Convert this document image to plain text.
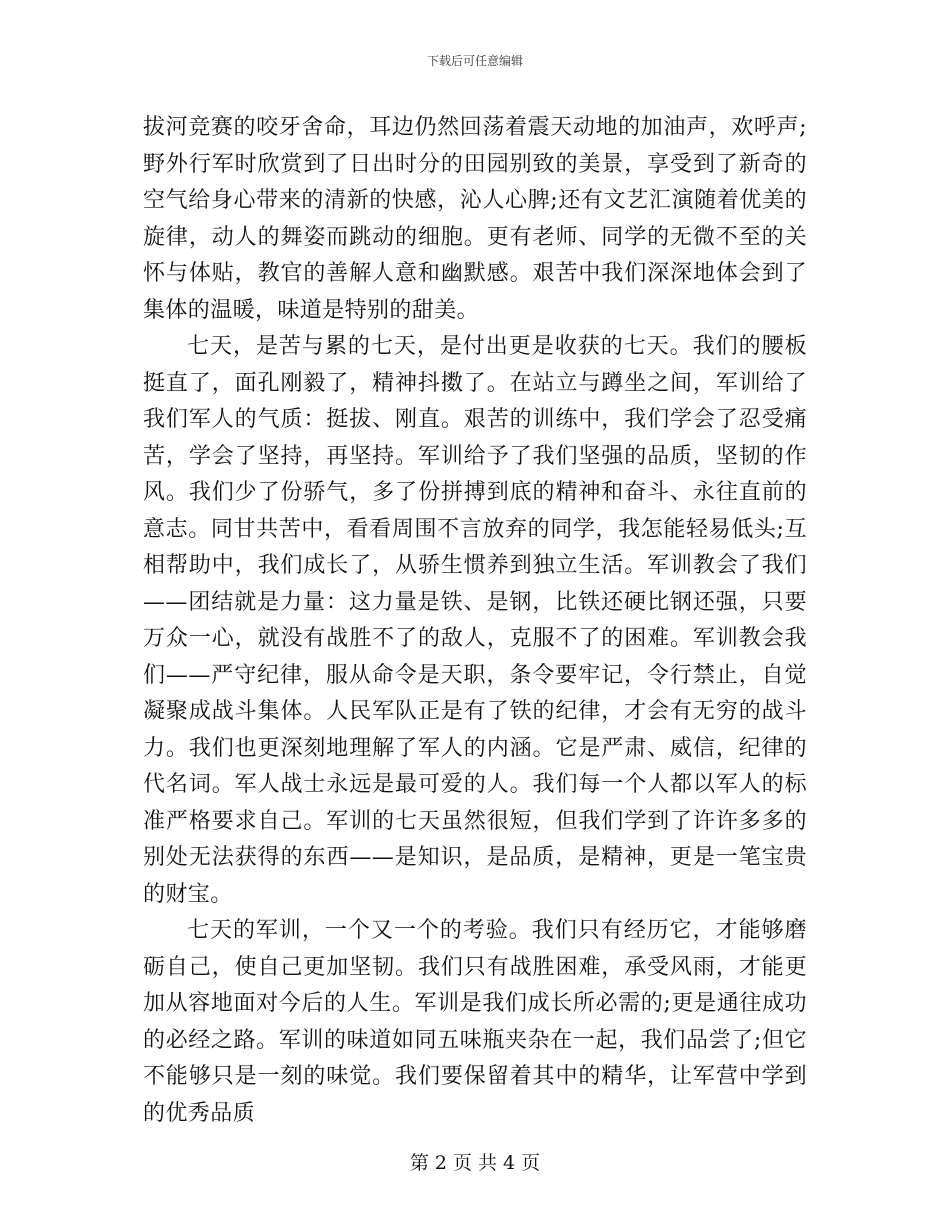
下载后可任意编辑

拔河竞赛的咬牙舍命，耳边仍然回荡着震天动地的加油声，欢呼声;野外行军时欣赏到了日出时分的田园别致的美景，享受到了新奇的空气给身心带来的清新的快感，沁人心脾;还有文艺汇演随着优美的旋律，动人的舞姿而跳动的细胞。更有老师、同学的无微不至的关怀与体贴，教官的善解人意和幽默感。艰苦中我们深深地体会到了集体的温暖，味道是特别的甜美。

七天，是苦与累的七天，是付出更是收获的七天。我们的腰板挺直了，面孔刚毅了，精神抖擞了。在站立与蹲坐之间，军训给了我们军人的气质：挺拔、刚直。艰苦的训练中，我们学会了忍受痛苦，学会了坚持，再坚持。军训给予了我们坚强的品质，坚韧的作风。我们少了份骄气，多了份拼搏到底的精神和奋斗、永往直前的意志。同甘共苦中，看看周围不言放弃的同学，我怎能轻易低头;互相帮助中，我们成长了，从骄生惯养到独立生活。军训教会了我们——团结就是力量：这力量是铁、是钢，比铁还硬比钢还强，只要万众一心，就没有战胜不了的敌人，克服不了的困难。军训教会我们——严守纪律，服从命令是天职，条令要牢记，令行禁止，自觉凝聚成战斗集体。人民军队正是有了铁的纪律，才会有无穷的战斗力。我们也更深刻地理解了军人的内涵。它是严肃、威信，纪律的代名词。军人战士永远是最可爱的人。我们每一个人都以军人的标准严格要求自己。军训的七天虽然很短，但我们学到了许许多多的别处无法获得的东西——是知识，是品质，是精神，更是一笔宝贵的财宝。

七天的军训，一个又一个的考验。我们只有经历它，才能够磨砺自己，使自己更加坚韧。我们只有战胜困难，承受风雨，才能更加从容地面对今后的人生。军训是我们成长所必需的;更是通往成功的必经之路。军训的味道如同五味瓶夹杂在一起，我们品尝了;但它不能够只是一刻的味觉。我们要保留着其中的精华，让军营中学到的优秀品质

第 2 页 共 4 页
